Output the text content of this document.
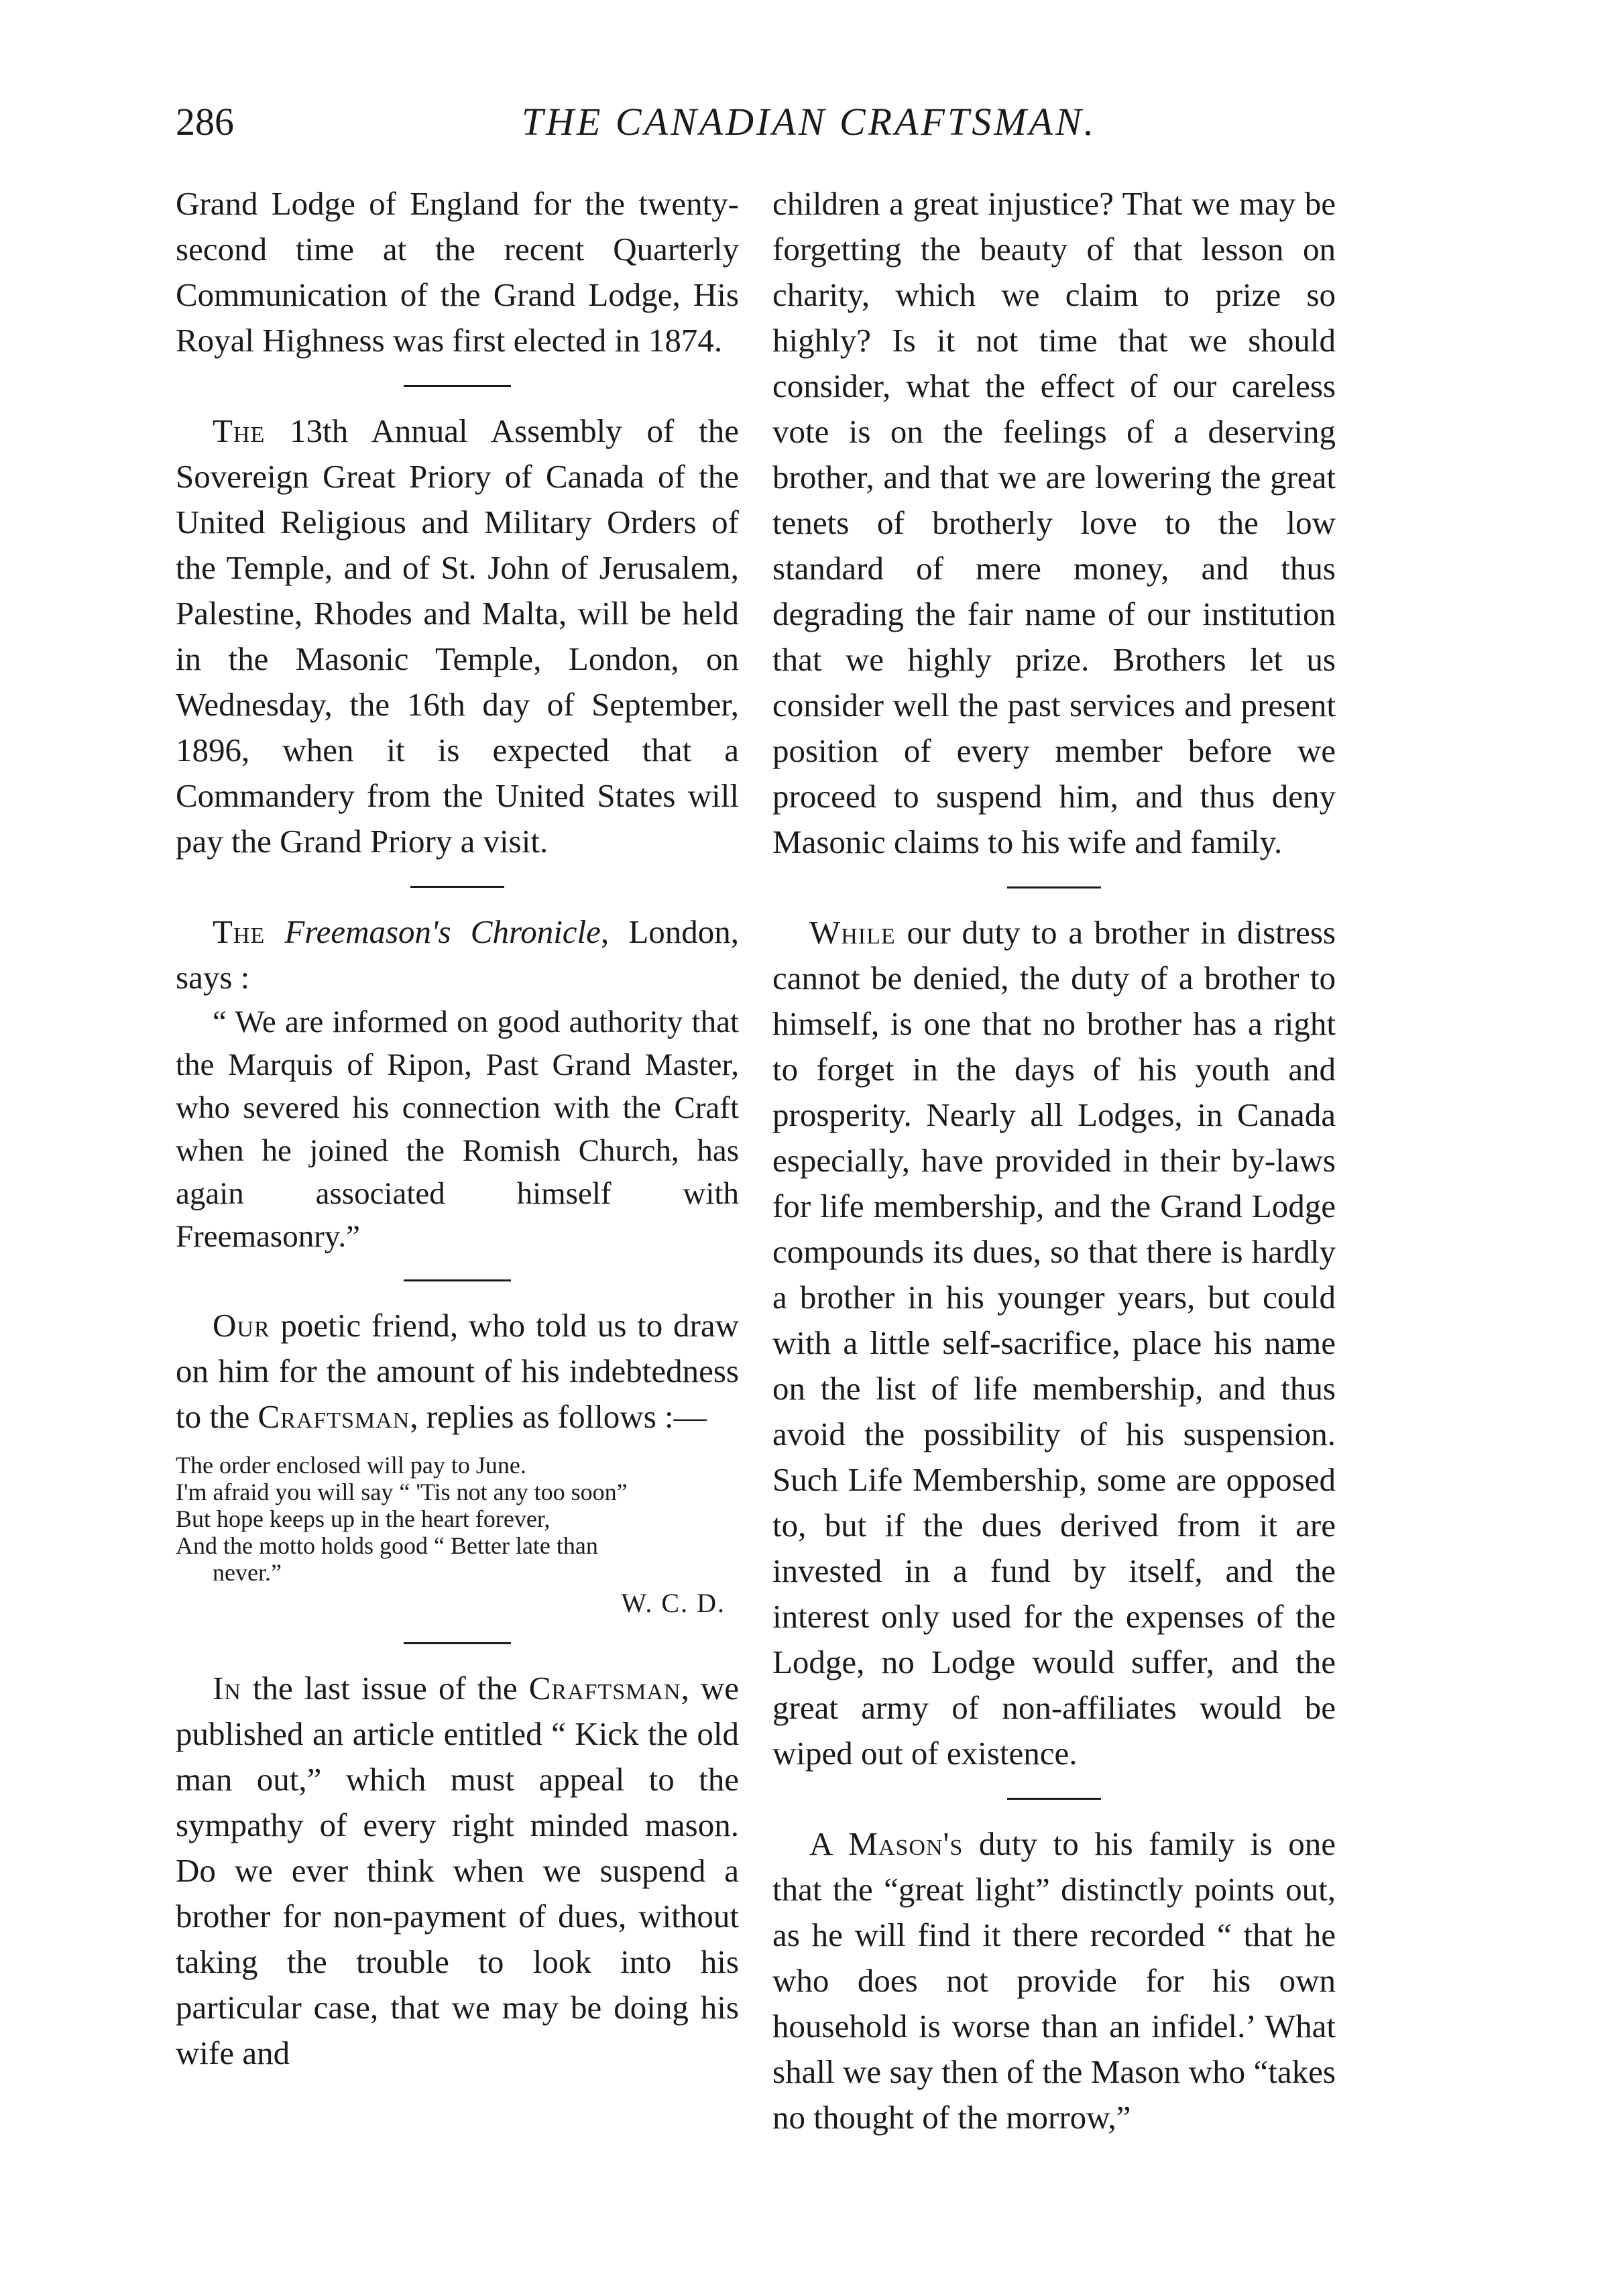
286	THE CANADIAN CRAFTSMAN.

Grand Lodge of England for the twenty-second time at the recent Quarterly Communication of the Grand Lodge, His Royal Highness was first elected in 1874.

The 13th Annual Assembly of the Sovereign Great Priory of Canada of the United Religious and Military Orders of the Temple, and of St. John of Jerusalem, Palestine, Rhodes and Malta, will be held in the Masonic Temple, London, on Wednesday, the 16th day of September, 1896, when it is expected that a Commandery from the United States will pay the Grand Priory a visit.

The Freemason's Chronicle, London, says :

“ We are informed on good authority that the Marquis of Ripon, Past Grand Master, who severed his connection with the Craft when he joined the Romish Church, has again associated himself with Freemasonry.”

Our poetic friend, who told us to draw on him for the amount of his indebtedness to the Craftsman, replies as follows :—

The order enclosed will pay to June.
I'm afraid you will say “ 'Tis not any too soon”
But hope keeps up in the heart forever,
And the motto holds good “ Better late than
never.”
W. C. D.

In the last issue of the Craftsman, we published an article entitled “ Kick the old man out,” which must appeal to the sympathy of every right minded mason. Do we ever think when we suspend a brother for non-payment of dues, without taking the trouble to look into his particular case, that we may be doing his wife and

children a great injustice? That we may be forgetting the beauty of that lesson on charity, which we claim to prize so highly? Is it not time that we should consider, what the effect of our careless vote is on the feelings of a deserving brother, and that we are lowering the great tenets of brotherly love to the low standard of mere money, and thus degrading the fair name of our institution that we highly prize. Brothers let us consider well the past services and present position of every member before we proceed to suspend him, and thus deny Masonic claims to his wife and family.

While our duty to a brother in distress cannot be denied, the duty of a brother to himself, is one that no brother has a right to forget in the days of his youth and prosperity. Nearly all Lodges, in Canada especially, have provided in their by-laws for life membership, and the Grand Lodge compounds its dues, so that there is hardly a brother in his younger years, but could with a little self-sacrifice, place his name on the list of life membership, and thus avoid the possibility of his suspension. Such Life Membership, some are opposed to, but if the dues derived from it are invested in a fund by itself, and the interest only used for the expenses of the Lodge, no Lodge would suffer, and the great army of non-affiliates would be wiped out of existence.

A Mason's duty to his family is one that the “great light” distinctly points out, as he will find it there recorded “ that he who does not provide for his own household is worse than an infidel.’ What shall we say then of the Mason who “takes no thought of the morrow,”
